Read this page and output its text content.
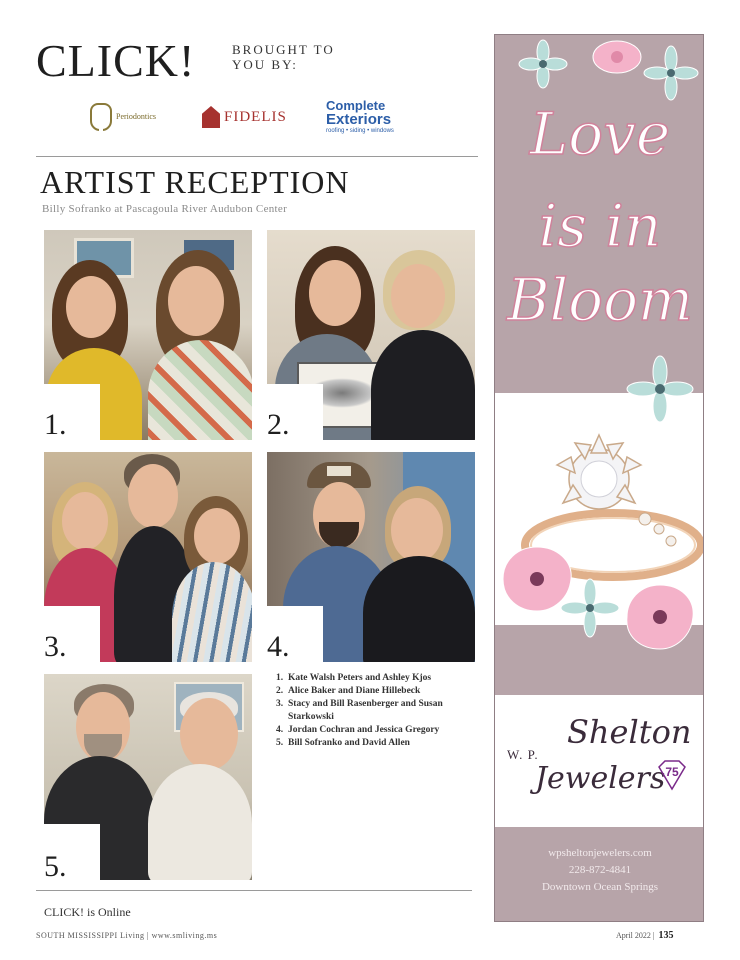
CLICK!	BROUGHT TO YOU BY:
Periodontics	FIDELIS
Complete
Exteriors
roofing • siding • windows
ARTIST RECEPTION
Billy Sofranko at Pascagoula River Audubon Center
1.	2.
3.	4.
5.
1. Kate Walsh Peters and Ashley Kjos
2. Alice Baker and Diane Hillebeck
3. Stacy and Bill Rasenberger and Susan Starkowski
4. Jordan Cochran and Jessica Gregory
5. Bill Sofranko and David Allen
CLICK! is Online
SOUTH MISSISSIPPI Living | www.smliving.ms	April 2022 | 135
Love
is in
Bloom
Shelton
W. P.
Jewelers 75
wpsheltonjewelers.com
228-872-4841
Downtown Ocean Springs
